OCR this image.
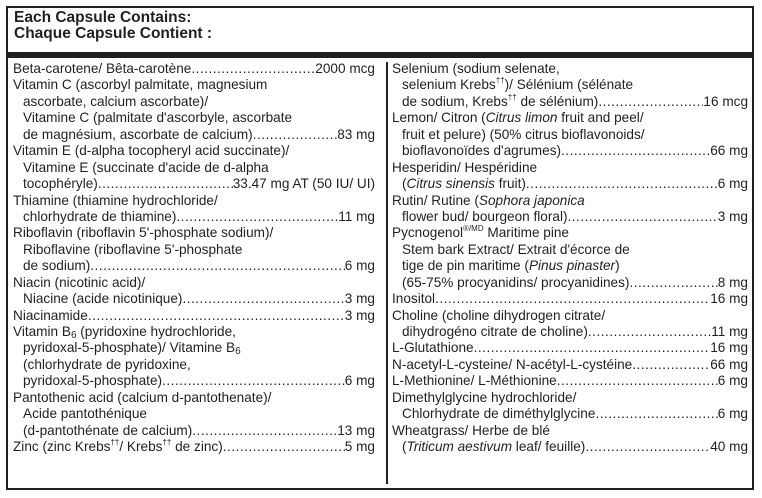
Each Capsule Contains:
Chaque Capsule Contient :
Beta-carotene/ Bêta-carotène .....	2000 mcg
Vitamin C (ascorbyl palmitate, magnesium
ascorbate, calcium ascorbate)/
Vitamine C (palmitate d'ascorbyle, ascorbate
de magnésium, ascorbate de calcium) .....	83 mg
Vitamin E (d-alpha tocopheryl acid succinate)/
Vitamine E (succinate d'acide de d-alpha
tocophéryle) .....	33.47 mg AT (50 IU/ UI)
Thiamine (thiamine hydrochloride/
chlorhydrate de thiamine) .....	11 mg
Riboflavin (riboflavin 5'-phosphate sodium)/
Riboflavine (riboflavine 5'-phosphate
de sodium) .....	6 mg
Niacin (nicotinic acid)/
Niacine (acide nicotinique) .....	3 mg
Niacinamide .....	3 mg
Vitamin $B_6$ (pyridoxine hydrochloride,
pyridoxal-5-phosphate)/ Vitamine $B_6$
(chlorhydrate de pyridoxine,
pyridoxal-5-phosphate) .....	6 mg
Pantothenic acid (calcium d-pantothenate)/
Acide pantothénique
(d-pantothénate de calcium) .....	13 mg
Zinc (zinc Krebs††/ Krebs†† de zinc) .....	5 mg
Selenium (sodium selenate,
selenium Krebs††)/ Sélénium (sélénate
de sodium, Krebs†† de sélénium) .....	16 mcg
Lemon/ Citron (Citrus limon fruit and peel/
fruit et pelure) (50% citrus bioflavonoids/
bioflavonoïdes d'agrumes) .....	66 mg
Hesperidin/ Hespéridine
(Citrus sinensis fruit) .....	6 mg
Rutin/ Rutine (Sophora japonica
flower bud/ bourgeon floral) .....	3 mg
Pycnogenol$^{®/MD}$ Maritime pine
Stem bark Extract/ Extrait d'écorce de
tige de pin maritime (Pinus pinaster)
(65-75% procyanidins/ procyanidines) .....	8 mg
Inositol .....	16 mg
Choline (choline dihydrogen citrate/
dihydrogéno citrate de choline) .....	11 mg
L-Glutathione .....	16 mg
N-acetyl-L-cysteine/ N-acétyl-L-cystéine .....	66 mg
L-Methionine/ L-Méthionine .....	6 mg
Dimethylglycine hydrochloride/
Chlorhydrate de diméthylglycine .....	6 mg
Wheatgrass/ Herbe de blé
(Triticum aestivum leaf/ feuille) .....	40 mg
